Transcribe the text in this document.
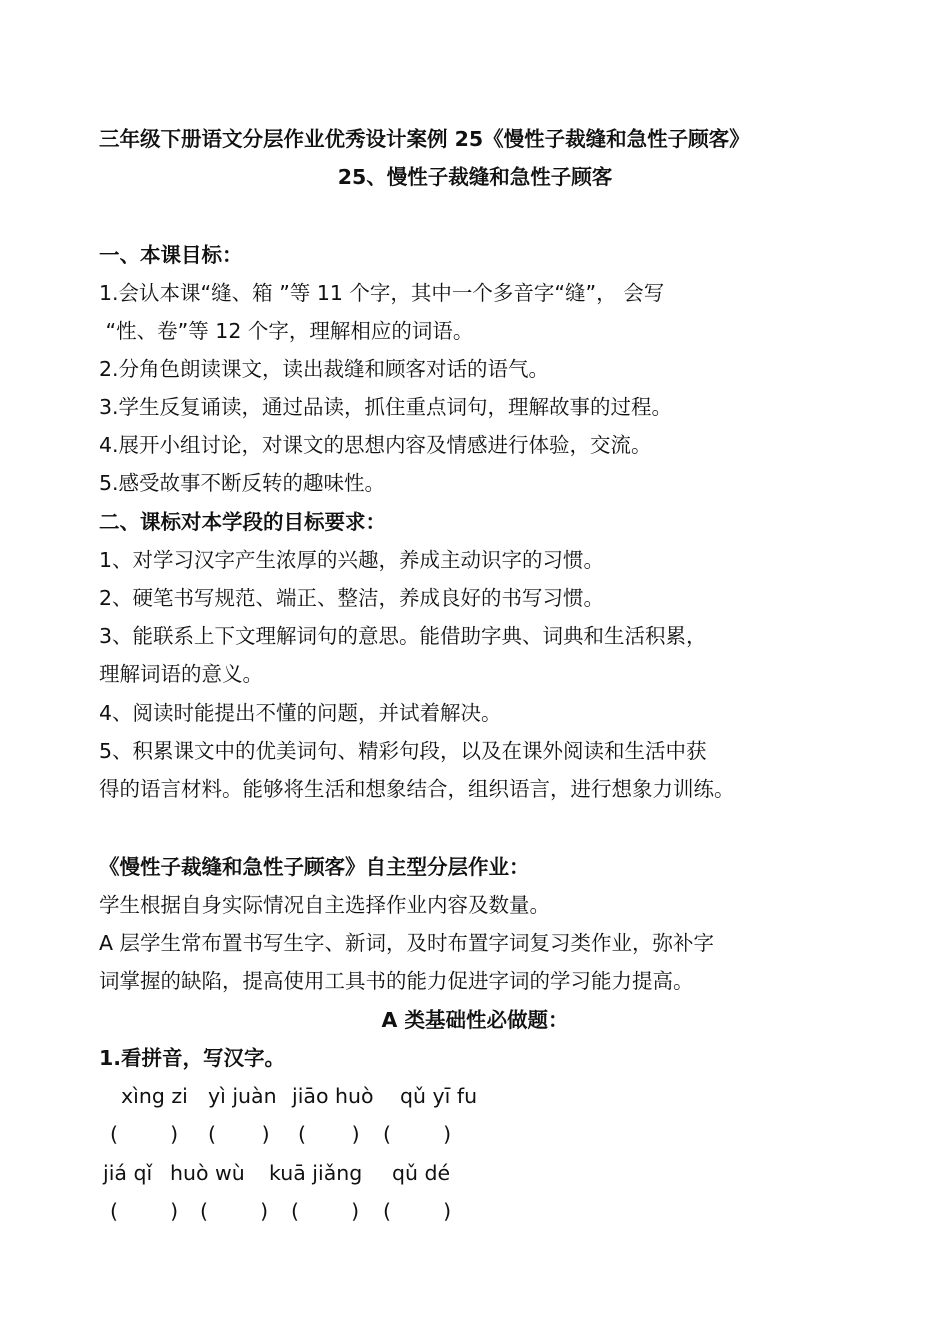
三年级下册语文分层作业优秀设计案例 25《慢性子裁缝和急性子顾客》
25、慢性子裁缝和急性子顾客
一、本课目标：
1.会认本课“缝、箱 ”等 11 个字，其中一个多音字“缝”， 会写
“性、卷”等 12 个字，理解相应的词语。
2.分角色朗读课文，读出裁缝和顾客对话的语气。
3.学生反复诵读，通过品读，抓住重点词句，理解故事的过程。
4.展开小组讨论，对课文的思想内容及情感进行体验，交流。
5.感受故事不断反转的趣味性。
二、课标对本学段的目标要求：
1、对学习汉字产生浓厚的兴趣，养成主动识字的习惯。
2、硬笔书写规范、端正、整洁，养成良好的书写习惯。
3、能联系上下文理解词句的意思。能借助字典、词典和生活积累，
理解词语的意义。
4、阅读时能提出不懂的问题，并试着解决。
5、积累课文中的优美词句、精彩句段，以及在课外阅读和生活中获
得的语言材料。能够将生活和想象结合，组织语言，进行想象力训练。
《慢性子裁缝和急性子顾客》自主型分层作业：
学生根据自身实际情况自主选择作业内容及数量。
A 层学生常布置书写生字、新词，及时布置字词复习类作业，弥补字
词掌握的缺陷，提高使用工具书的能力促进字词的学习能力提高。
A 类基础性必做题：
1.看拼音，写汉字。
xìng zi yì juàn jiāo huò qǔ yī fu
(        ) (       ) (       ) (        )
jiá qǐ huò wù kuā jiǎng qǔ dé
(        ) (        ) (        ) (        )
